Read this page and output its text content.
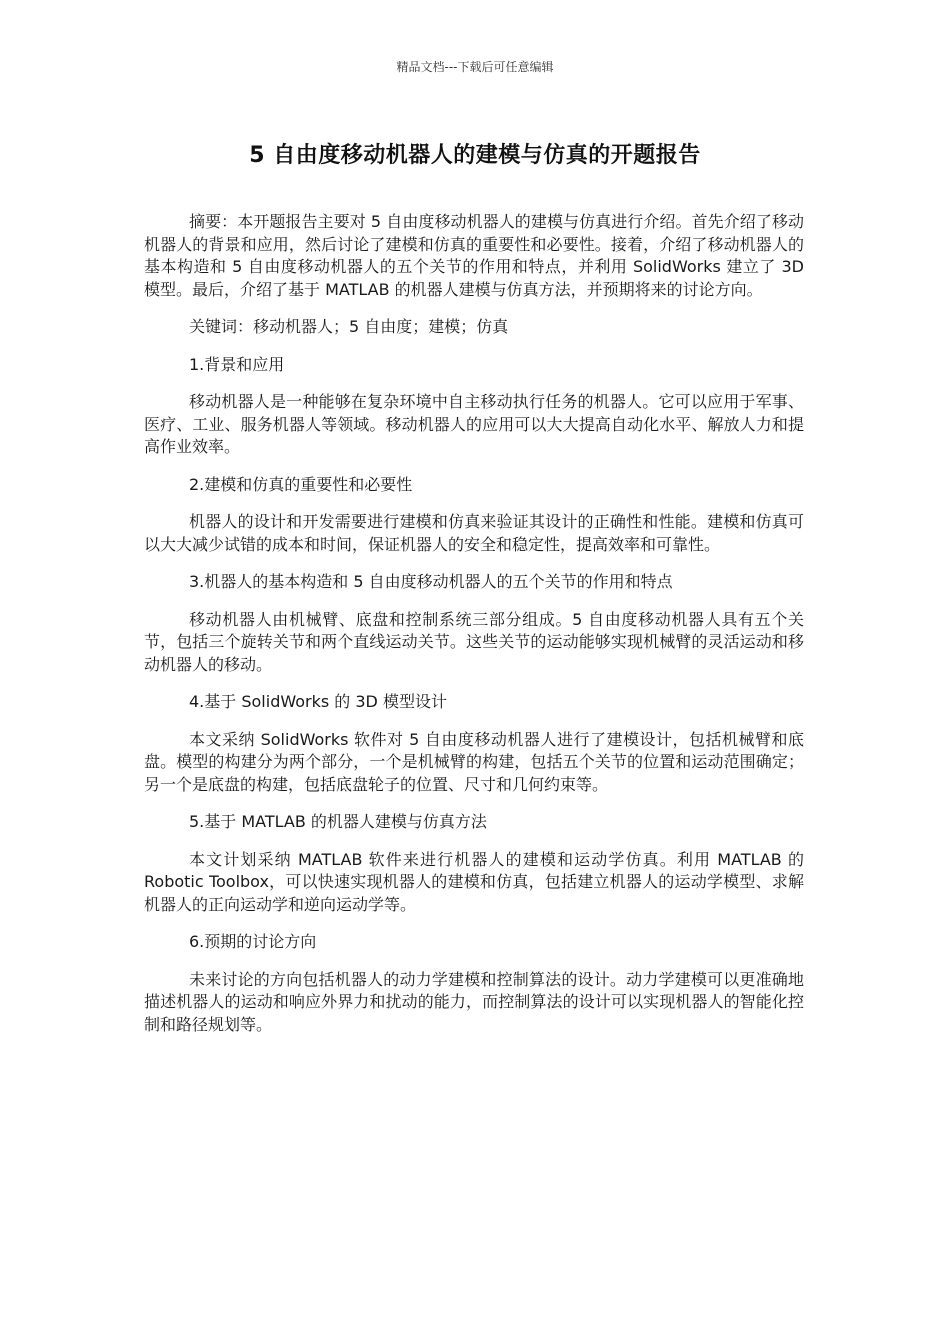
精品文档---下载后可任意编辑
5 自由度移动机器人的建模与仿真的开题报告

摘要：本开题报告主要对 5 自由度移动机器人的建模与仿真进行介绍。首先介绍了移动机器人的背景和应用，然后讨论了建模和仿真的重要性和必要性。接着，介绍了移动机器人的基本构造和 5 自由度移动机器人的五个关节的作用和特点，并利用 SolidWorks 建立了 3D 模型。最后，介绍了基于 MATLAB 的机器人建模与仿真方法，并预期将来的讨论方向。

关键词：移动机器人；5 自由度；建模；仿真

1.背景和应用

移动机器人是一种能够在复杂环境中自主移动执行任务的机器人。它可以应用于军事、医疗、工业、服务机器人等领域。移动机器人的应用可以大大提高自动化水平、解放人力和提高作业效率。

2.建模和仿真的重要性和必要性

机器人的设计和开发需要进行建模和仿真来验证其设计的正确性和性能。建模和仿真可以大大减少试错的成本和时间，保证机器人的安全和稳定性，提高效率和可靠性。

3.机器人的基本构造和 5 自由度移动机器人的五个关节的作用和特点

移动机器人由机械臂、底盘和控制系统三部分组成。5 自由度移动机器人具有五个关节，包括三个旋转关节和两个直线运动关节。这些关节的运动能够实现机械臂的灵活运动和移动机器人的移动。

4.基于 SolidWorks 的 3D 模型设计

本文采纳 SolidWorks 软件对 5 自由度移动机器人进行了建模设计，包括机械臂和底盘。模型的构建分为两个部分，一个是机械臂的构建，包括五个关节的位置和运动范围确定；另一个是底盘的构建，包括底盘轮子的位置、尺寸和几何约束等。

5.基于 MATLAB 的机器人建模与仿真方法

本文计划采纳 MATLAB 软件来进行机器人的建模和运动学仿真。利用 MATLAB 的 Robotic Toolbox，可以快速实现机器人的建模和仿真，包括建立机器人的运动学模型、求解机器人的正向运动学和逆向运动学等。

6.预期的讨论方向

未来讨论的方向包括机器人的动力学建模和控制算法的设计。动力学建模可以更准确地描述机器人的运动和响应外界力和扰动的能力，而控制算法的设计可以实现机器人的智能化控制和路径规划等。
